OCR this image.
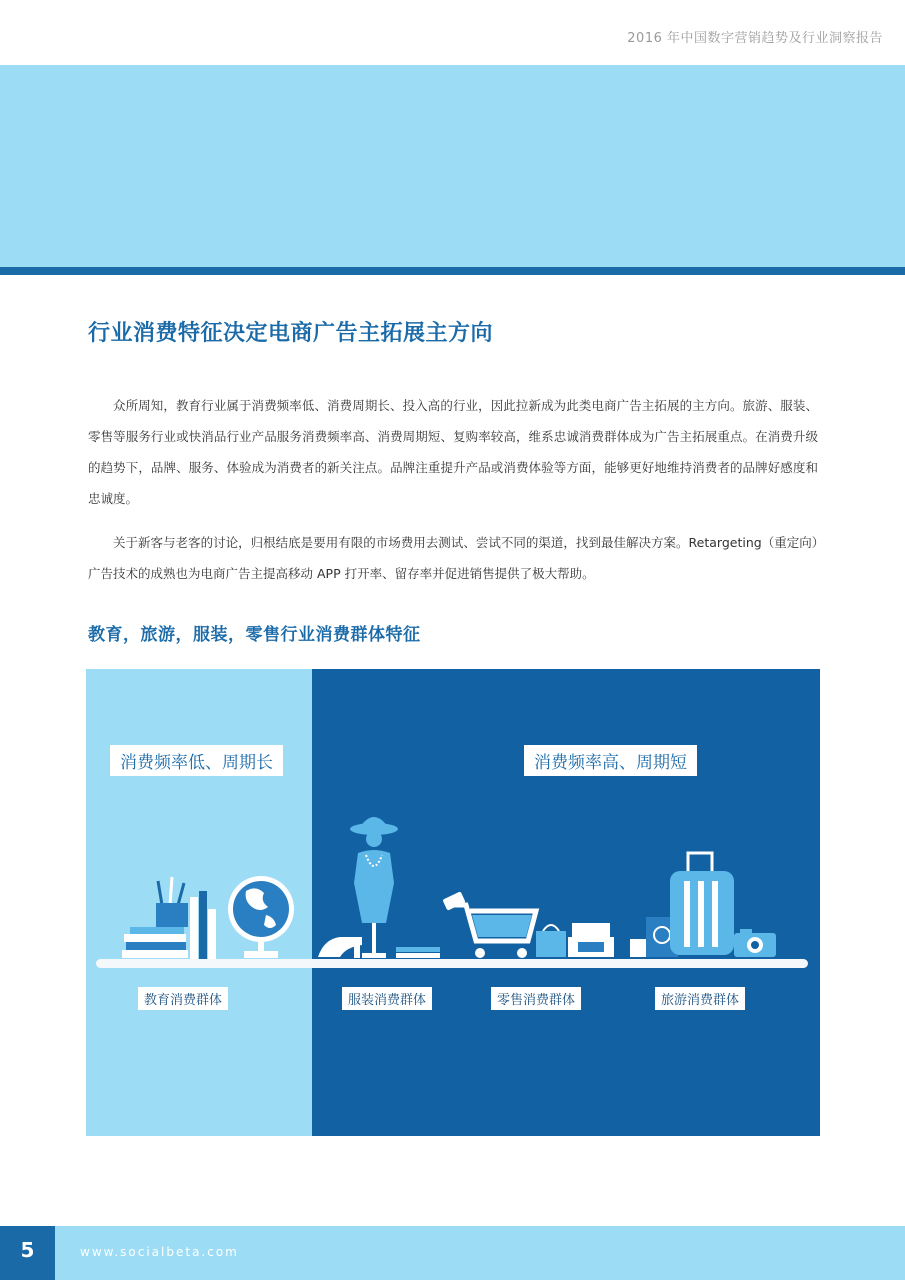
2016 年中国数字营销趋势及行业洞察报告
行业消费特征决定电商广告主拓展主方向

众所周知，教育行业属于消费频率低、消费周期长、投入高的行业，因此拉新成为此类电商广告主拓展的主方向。旅游、服装、零售等服务行业或快消品行业产品服务消费频率高、消费周期短、复购率较高，维系忠诚消费群体成为广告主拓展重点。在消费升级的趋势下，品牌、服务、体验成为消费者的新关注点。品牌注重提升产品或消费体验等方面，能够更好地维持消费者的品牌好感度和忠诚度。

关于新客与老客的讨论，归根结底是要用有限的市场费用去测试、尝试不同的渠道，找到最佳解决方案。Retargeting（重定向）广告技术的成熟也为电商广告主提高移动 APP 打开率、留存率并促进销售提供了极大帮助。

教育，旅游，服装，零售行业消费群体特征
消费频率低、周期长	消费频率高、周期短
教育消费群体	服装消费群体	零售消费群体	旅游消费群体
5	www.socialbeta.com
